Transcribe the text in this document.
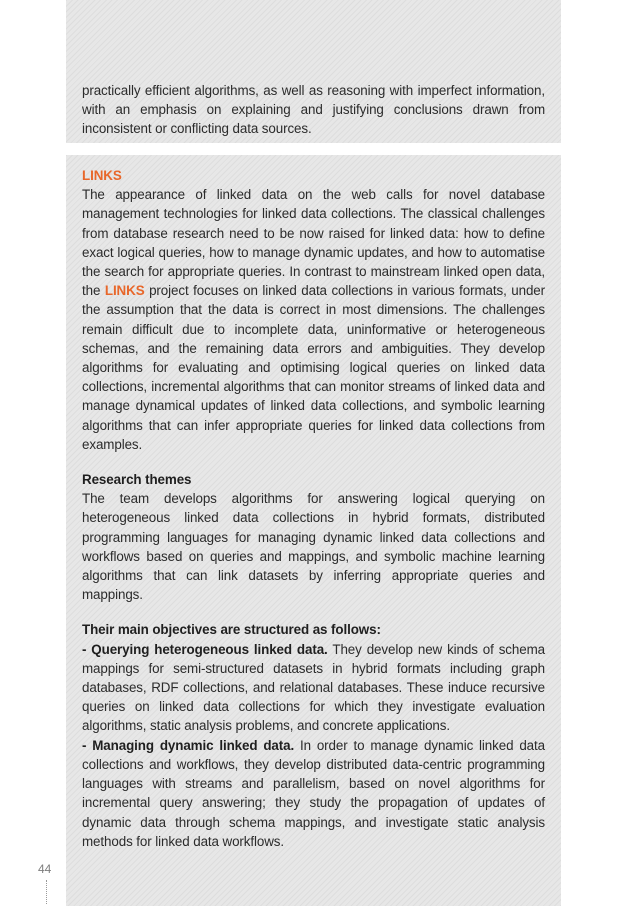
practically efficient algorithms, as well as reasoning with imperfect information, with an emphasis on explaining and justifying conclusions drawn from inconsistent or conflicting data sources.

LINKS

The appearance of linked data on the web calls for novel database management technologies for linked data collections. The classical challenges from database research need to be now raised for linked data: how to define exact logical queries, how to manage dynamic updates, and how to automatise the search for appropriate queries. In contrast to mainstream linked open data, the LINKS project focuses on linked data collections in various formats, under the assumption that the data is correct in most dimensions. The challenges remain difficult due to incomplete data, uninformative or heterogeneous schemas, and the remaining data errors and ambiguities. They develop algorithms for evaluating and optimising logical queries on linked data collections, incremental algorithms that can monitor streams of linked data and manage dynamical updates of linked data collections, and symbolic learning algorithms that can infer appropriate queries for linked data collections from examples.

Research themes

The team develops algorithms for answering logical querying on heterogeneous linked data collections in hybrid formats, distributed programming languages for managing dynamic linked data collections and workflows based on queries and mappings, and symbolic machine learning algorithms that can link datasets by inferring appropriate queries and mappings.

Their main objectives are structured as follows:

- Querying heterogeneous linked data. They develop new kinds of schema mappings for semi-structured datasets in hybrid formats including graph databases, RDF collections, and relational databases. These induce recursive queries on linked data collections for which they investigate evaluation algorithms, static analysis problems, and concrete applications.

- Managing dynamic linked data. In order to manage dynamic linked data collections and workflows, they develop distributed data-centric programming languages with streams and parallelism, based on novel algorithms for incremental query answering; they study the propagation of updates of dynamic data through schema mappings, and investigate static analysis methods for linked data workflows.

44
